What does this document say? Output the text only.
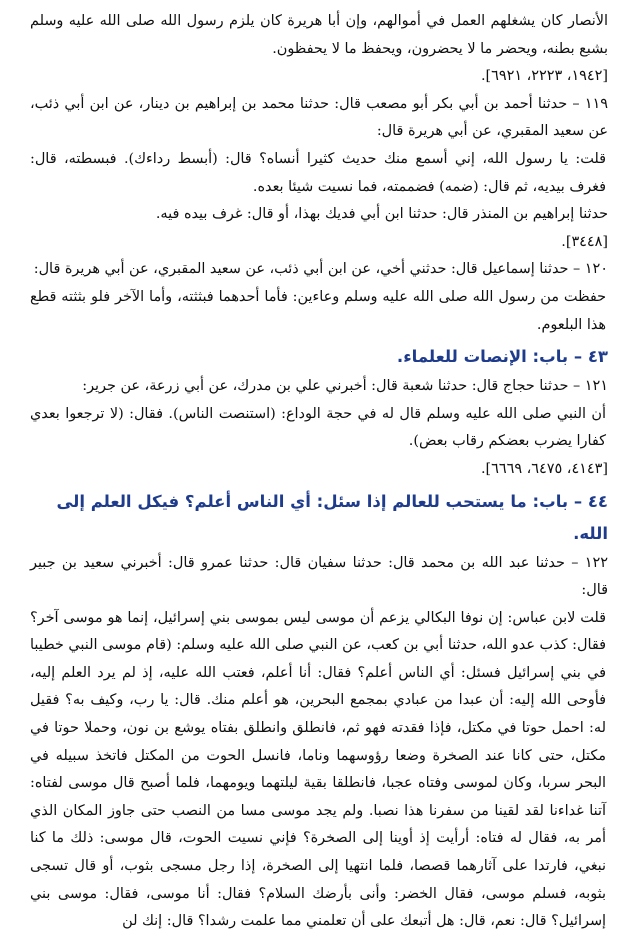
الأنصار كان يشغلهم العمل في أموالهم، وإن أبا هريرة كان يلزم رسول الله صلى الله عليه وسلم بشبع بطنه، ويحضر ما لا يحضرون، ويحفظ ما لا يحفظون.

[١٩٤٢، ٢٢٢٣، ٦٩٢١].

١١٩ – حدثنا أحمد بن أبي بكر أبو مصعب قال: حدثنا محمد بن إبراهيم بن دينار، عن ابن أبي ذئب، عن سعيد المقبري، عن أبي هريرة قال:

قلت: يا رسول الله، إني أسمع منك حديث كثيرا أنساه؟ قال: (أبسط رداءك). فبسطته، قال: فغرف بيديه، ثم قال: (ضمه) فضممته، فما نسيت شيئا بعده.

حدثنا إبراهيم بن المنذر قال: حدثنا ابن أبي فديك بهذا، أو قال: غرف بيده فيه.

[٣٤٤٨].

١٢٠ – حدثنا إسماعيل قال: حدثني أخي، عن ابن أبي ذئب، عن سعيد المقبري، عن أبي هريرة قال:

حفظت من رسول الله صلى الله عليه وسلم وعاءين: فأما أحدهما فبثثته، وأما الآخر فلو بثثته قطع هذا البلعوم.

٤٣ – باب: الإنصات للعلماء.

١٢١ – حدثنا حجاج قال: حدثنا شعبة قال: أخبرني علي بن مدرك، عن أبي زرعة، عن جرير:

أن النبي صلى الله عليه وسلم قال له في حجة الوداع: (استنصت الناس). فقال: (لا ترجعوا بعدي كفارا يضرب بعضكم رقاب بعض).

[٤١٤٣، ٦٤٧٥، ٦٦٦٩].

٤٤ – باب: ما يستحب للعالم إذا سئل: أي الناس أعلم؟ فيكل العلم إلى الله.

١٢٢ – حدثنا عبد الله بن محمد قال: حدثنا سفيان قال: حدثنا عمرو قال: أخبرني سعيد بن جبير قال:

قلت لابن عباس: إن نوفا البكالي يزعم أن موسى ليس بموسى بني إسرائيل، إنما هو موسى آخر؟ فقال: كذب عدو الله، حدثنا أبي بن كعب، عن النبي صلى الله عليه وسلم: (قام موسى النبي خطيبا في بني إسرائيل فسئل: أي الناس أعلم؟ فقال: أنا أعلم، فعتب الله عليه، إذ لم يرد العلم إليه، فأوحى الله إليه: أن عبدا من عبادي بمجمع البحرين، هو أعلم منك. قال: يا رب، وكيف به؟ فقيل له: احمل حوتا في مكتل، فإذا فقدته فهو ثم، فانطلق وانطلق بفتاه يوشع بن نون، وحملا حوتا في مكتل، حتى كانا عند الصخرة وضعا رؤوسهما وناما، فانسل الحوت من المكتل فاتخذ سبيله في البحر سربا، وكان لموسى وفتاه عجبا، فانطلقا بقية ليلتهما ويومهما، فلما أصبح قال موسى لفتاه: آتنا غداءنا لقد لقينا من سفرنا هذا نصبا. ولم يجد موسى مسا من النصب حتى جاوز المكان الذي أمر به، فقال له فتاه: أرأيت إذ أوينا إلى الصخرة؟ فإني نسيت الحوت، قال موسى: ذلك ما كنا نبغي، فارتدا على آثارهما قصصا، فلما انتهيا إلى الصخرة، إذا رجل مسجى بثوب، أو قال تسجى بثوبه، فسلم موسى، فقال الخضر: وأنى بأرضك السلام؟ فقال: أنا موسى، فقال: موسى بني إسرائيل؟ قال: نعم، قال: هل أتبعك على أن تعلمني مما علمت رشدا؟ قال: إنك لن
